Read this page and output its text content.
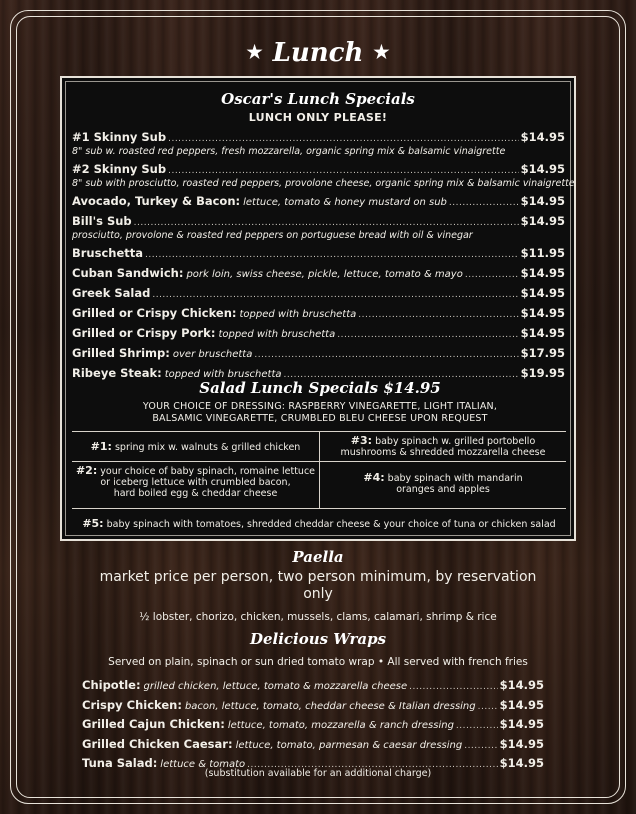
★ Lunch ★
Oscar's Lunch Specials
LUNCH ONLY PLEASE!
#1 Skinny Sub .....	$14.95
8" sub w. roasted red peppers, fresh mozzarella, organic spring mix & balsamic vinaigrette
#2 Skinny Sub .....	$14.95
8" sub with prosciutto, roasted red peppers, provolone cheese, organic spring mix & balsamic vinaigrette
Avocado, Turkey & Bacon: lettuce, tomato & honey mustard on sub .....	$14.95
Bill's Sub .....	$14.95
prosciutto, provolone & roasted red peppers on portuguese bread with oil & vinegar
Bruschetta .....	$11.95
Cuban Sandwich: pork loin, swiss cheese, pickle, lettuce, tomato & mayo .....	$14.95
Greek Salad .....	$14.95
Grilled or Crispy Chicken: topped with bruschetta .....	$14.95
Grilled or Crispy Pork: topped with bruschetta .....	$14.95
Grilled Shrimp: over bruschetta .....	$17.95
Ribeye Steak: topped with bruschetta .....	$19.95
Salad Lunch Specials $14.95
YOUR CHOICE OF DRESSING: RASPBERRY VINEGARETTE, LIGHT ITALIAN,
BALSAMIC VINEGARETTE, CRUMBLED BLEU CHEESE UPON REQUEST
#1: spring mix w. walnuts & grilled chicken
#3: baby spinach w. grilled portobello
mushrooms & shredded mozzarella cheese
#2: your choice of baby spinach, romaine lettuce
or iceberg lettuce with crumbled bacon,
hard boiled egg & cheddar cheese
#4: baby spinach with mandarin
oranges and apples
#5: baby spinach with tomatoes, shredded cheddar cheese & your choice of tuna or chicken salad
Paella
market price per person, two person minimum, by reservation
only
½ lobster, chorizo, chicken, mussels, clams, calamari, shrimp & rice
Delicious Wraps
Served on plain, spinach or sun dried tomato wrap • All served with french fries
Chipotle: grilled chicken, lettuce, tomato & mozzarella cheese .....	$14.95
Crispy Chicken: bacon, lettuce, tomato, cheddar cheese & Italian dressing ..... $14.95
Grilled Cajun Chicken: lettuce, tomato, mozzarella & ranch dressing .....	$14.95
Grilled Chicken Caesar: lettuce, tomato, parmesan & caesar dressing .....	$14.95
Tuna Salad: lettuce & tomato .....	$14.95
(substitution available for an additional charge)
